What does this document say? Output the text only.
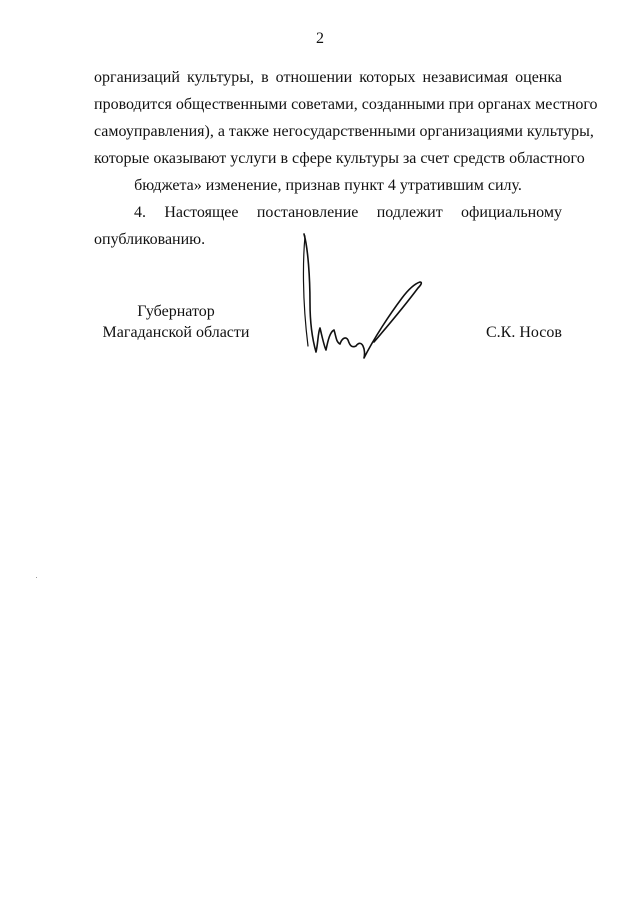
2
организаций культуры, в отношении которых независимая оценка
проводится общественными советами, созданными при органах местного
самоуправления), а также негосударственными организациями культуры,
которые оказывают услуги в сфере культуры за счет средств областного
бюджета» изменение, признав пункт 4 утратившим силу.
4. Настоящее постановление подлежит официальному
опубликованию.
Губернатор
Магаданской области	С.К. Носов
